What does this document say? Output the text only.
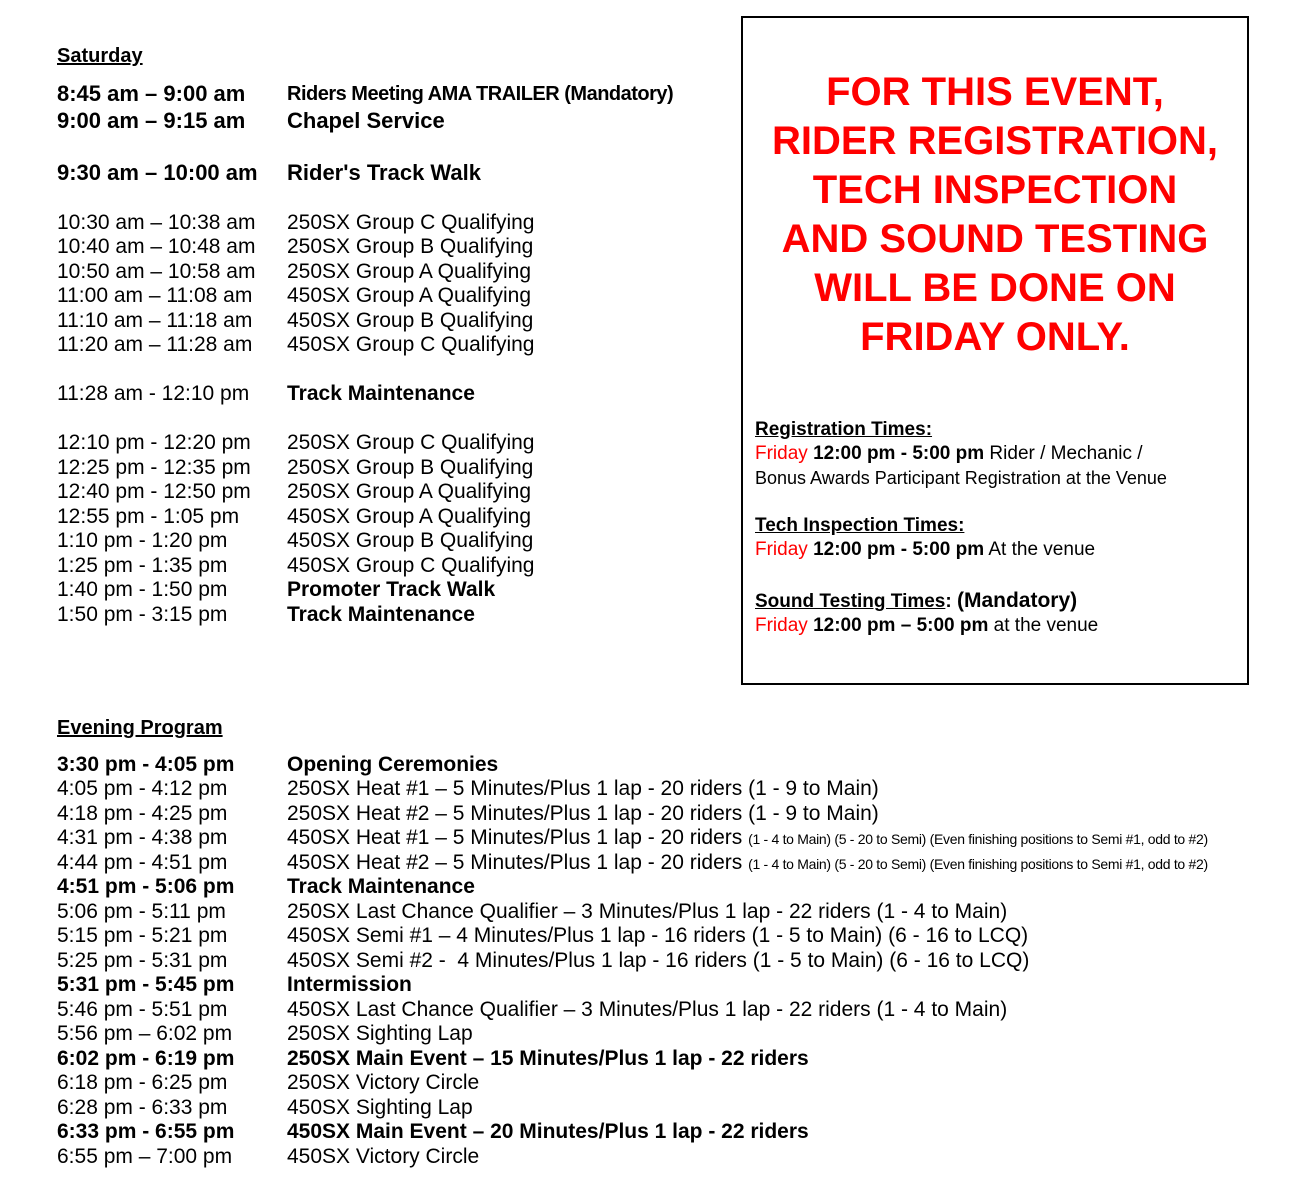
Saturday
8:45 am – 9:00 am Riders Meeting AMA TRAILER (Mandatory)
9:00 am – 9:15 am Chapel Service
9:30 am – 10:00 am Rider's Track Walk
10:30 am – 10:38 am 250SX Group C Qualifying
10:40 am – 10:48 am 250SX Group B Qualifying
10:50 am – 10:58 am 250SX Group A Qualifying
11:00 am – 11:08 am 450SX Group A Qualifying
11:10 am – 11:18 am 450SX Group B Qualifying
11:20 am – 11:28 am 450SX Group C Qualifying
11:28 am - 12:10 pm Track Maintenance
12:10 pm - 12:20 pm 250SX Group C Qualifying
12:25 pm - 12:35 pm 250SX Group B Qualifying
12:40 pm - 12:50 pm 250SX Group A Qualifying
12:55 pm - 1:05 pm 450SX Group A Qualifying
1:10 pm - 1:20 pm	450SX Group B Qualifying
1:25 pm - 1:35 pm	450SX Group C Qualifying
1:40 pm - 1:50 pm	Promoter Track Walk
1:50 pm - 3:15 pm	Track Maintenance
FOR THIS EVENT,
RIDER REGISTRATION,
TECH INSPECTION
AND SOUND TESTING
WILL BE DONE ON
FRIDAY ONLY.
Registration Times:
Friday 12:00 pm - 5:00 pm Rider / Mechanic /
Bonus Awards Participant Registration at the Venue
Tech Inspection Times:
Friday 12:00 pm - 5:00 pm At the venue
Sound Testing Times: (Mandatory)
Friday 12:00 pm – 5:00 pm at the venue
Evening Program
3:30 pm - 4:05 pm	Opening Ceremonies
4:05 pm - 4:12 pm	250SX Heat #1 – 5 Minutes/Plus 1 lap - 20 riders (1 - 9 to Main)
4:18 pm - 4:25 pm	250SX Heat #2 – 5 Minutes/Plus 1 lap - 20 riders (1 - 9 to Main)
4:31 pm - 4:38 pm	450SX Heat #1 – 5 Minutes/Plus 1 lap - 20 riders (1 - 4 to Main) (5 - 20 to Semi) (Even finishing positions to Semi #1, odd to #2)
4:44 pm - 4:51 pm	450SX Heat #2 – 5 Minutes/Plus 1 lap - 20 riders (1 - 4 to Main) (5 - 20 to Semi) (Even finishing positions to Semi #1, odd to #2)
4:51 pm - 5:06 pm	Track Maintenance
5:06 pm - 5:11 pm	250SX Last Chance Qualifier – 3 Minutes/Plus 1 lap - 22 riders (1 - 4 to Main)
5:15 pm - 5:21 pm	450SX Semi #1 – 4 Minutes/Plus 1 lap - 16 riders (1 - 5 to Main) (6 - 16 to LCQ)
5:25 pm - 5:31 pm	450SX Semi #2 -  4 Minutes/Plus 1 lap - 16 riders (1 - 5 to Main) (6 - 16 to LCQ)
5:31 pm - 5:45 pm	Intermission
5:46 pm - 5:51 pm	450SX Last Chance Qualifier – 3 Minutes/Plus 1 lap - 22 riders (1 - 4 to Main)
5:56 pm – 6:02 pm	250SX Sighting Lap
6:02 pm - 6:19 pm	250SX Main Event – 15 Minutes/Plus 1 lap - 22 riders
6:18 pm - 6:25 pm	250SX Victory Circle
6:28 pm - 6:33 pm	450SX Sighting Lap
6:33 pm - 6:55 pm	450SX Main Event – 20 Minutes/Plus 1 lap - 22 riders
6:55 pm – 7:00 pm	450SX Victory Circle
